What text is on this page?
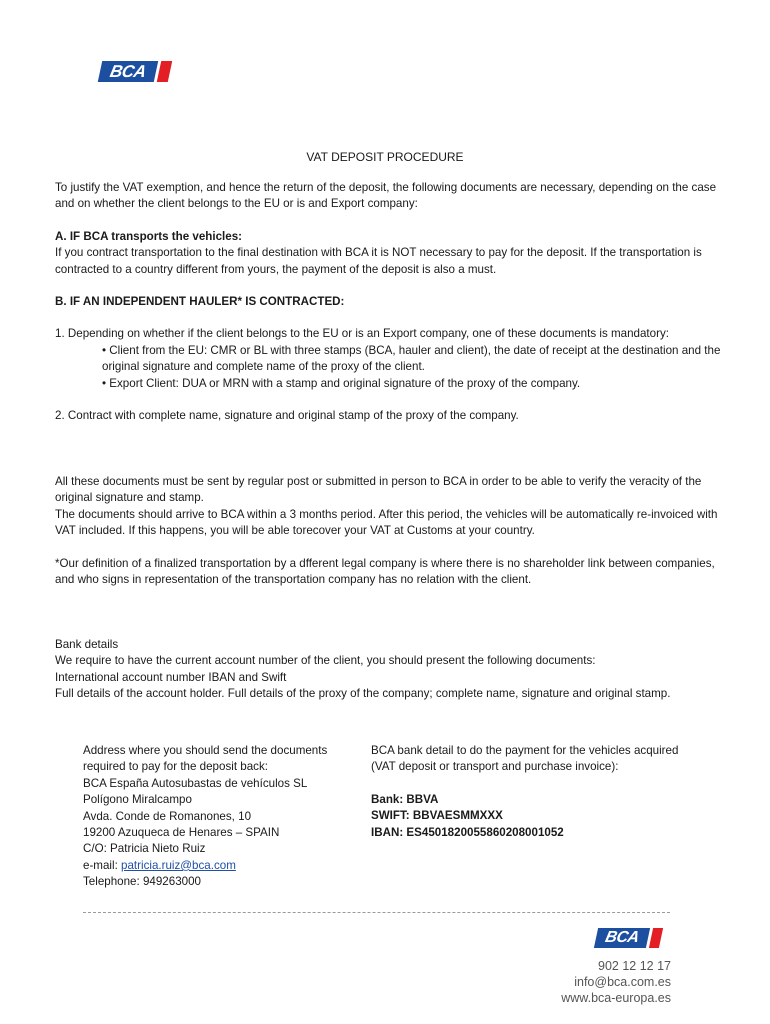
BCA
VAT DEPOSIT PROCEDURE

To justify the VAT exemption, and hence the return of the deposit, the following documents are necessary, depending on the case and on whether the client belongs to the EU or is and Export company:

A. IF BCA transports the vehicles:

If you contract transportation to the final destination with BCA it is NOT necessary to pay for the deposit. If the transportation is contracted to a country different from yours, the payment of the deposit is also a must.

B. IF AN INDEPENDENT HAULER* IS CONTRACTED:

1. Depending on whether if the client belongs to the EU or is an Export company, one of these documents is mandatory:

• Client from the EU: CMR or BL with three stamps (BCA, hauler and client), the date of receipt at the destination and the original signature and complete name of the proxy of the client.

• Export Client: DUA or MRN with a stamp and original signature of the proxy of the company.

2. Contract with complete name, signature and original stamp of the proxy of the company.

All these documents must be sent by regular post or submitted in person to BCA in order to be able to verify the veracity of the original signature and stamp.

The documents should arrive to BCA within a 3 months period. After this period, the vehicles will be automatically re-invoiced with VAT included. If this happens, you will be able torecover your VAT at Customs at your country.

*Our definition of a finalized transportation by a dfferent legal company is where there is no shareholder link between companies, and who signs in representation of the transportation company has no relation with the client.

Bank details

We require to have the current account number of the client, you should present the following documents:

International account number IBAN and Swift

Full details of the account holder. Full details of the proxy of the company; complete name, signature and original stamp.

Address where you should send the documents required to pay for the deposit back:

BCA España Autosubastas de vehículos SL

Polígono Miralcampo

Avda. Conde de Romanones, 10

19200 Azuqueca de Henares – SPAIN

C/O: Patricia Nieto Ruiz

e-mail: patricia.ruiz@bca.com

Telephone: 949263000

BCA bank detail to do the payment for the vehicles acquired (VAT deposit or transport and purchase invoice):

Bank: BBVA

SWIFT: BBVAESMMXXX

IBAN: ES4501820055860208001052

BCA
902 12 12 17
info@bca.com.es
www.bca-europa.es
